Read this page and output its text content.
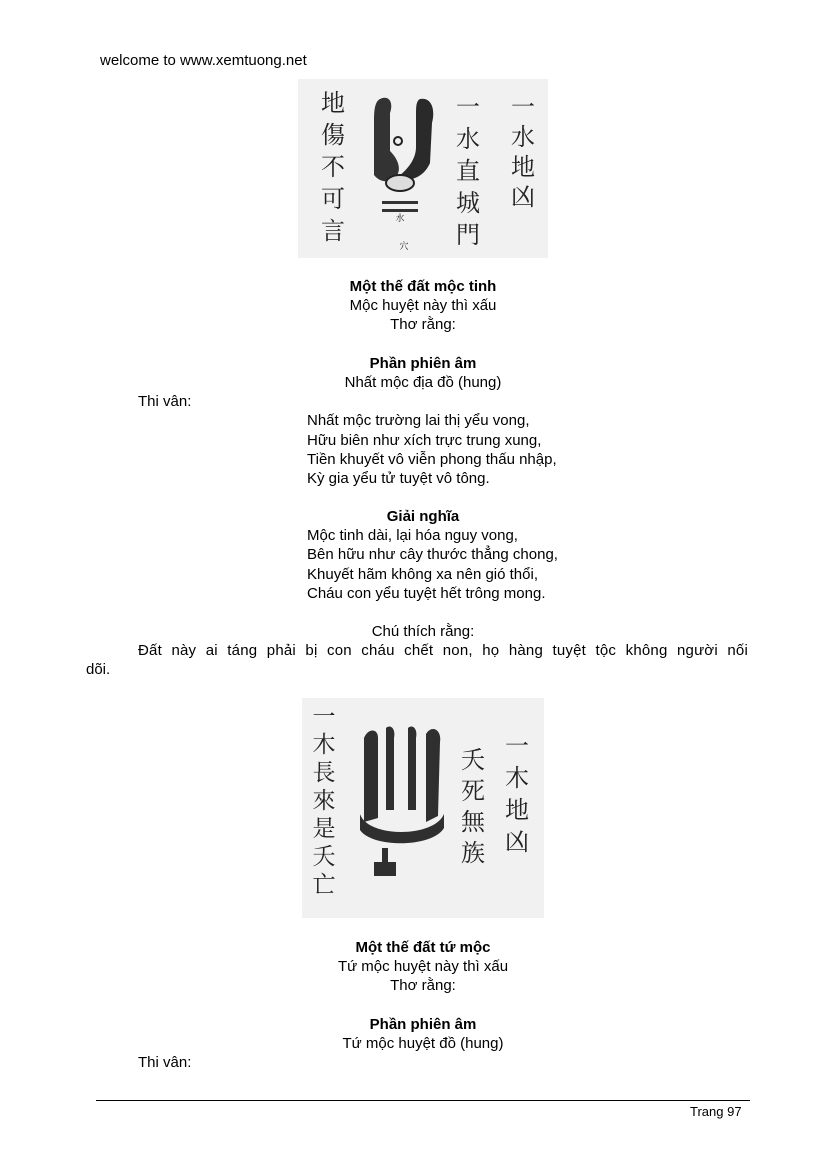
welcome to www.xemtuong.net
一水地凶
一水直城門
地傷不可言	水
穴
Một thế đất mộc tinh
Mộc huyệt này thì xấu
Thơ rằng:
Phần phiên âm
Nhất mộc địa đồ (hung)
Thi vân:
Nhất mộc trường lai thị yểu vong,
Hữu biên như xích trực trung xung,
Tiền khuyết vô viễn phong thấu nhập,
Kỳ gia yểu tử tuyệt vô tông.
Giải nghĩa
Mộc tinh dài, lại hóa nguy vong,
Bên hữu như cây thước thẳng chong,
Khuyết hãm không xa nên gió thổi,
Cháu con yểu tuyệt hết trông mong.
Chú thích rằng:
Đất này ai táng phải bị con cháu chết non, họ hàng tuyệt tộc không người nối
dõi.
一木地凶
夭死無族
一木長來是夭亡
Một thế đất tứ mộc
Tứ mộc huyệt này thì xấu
Thơ rằng:
Phần phiên âm
Tứ mộc huyệt đồ (hung)
Thi vân:
Trang 97
